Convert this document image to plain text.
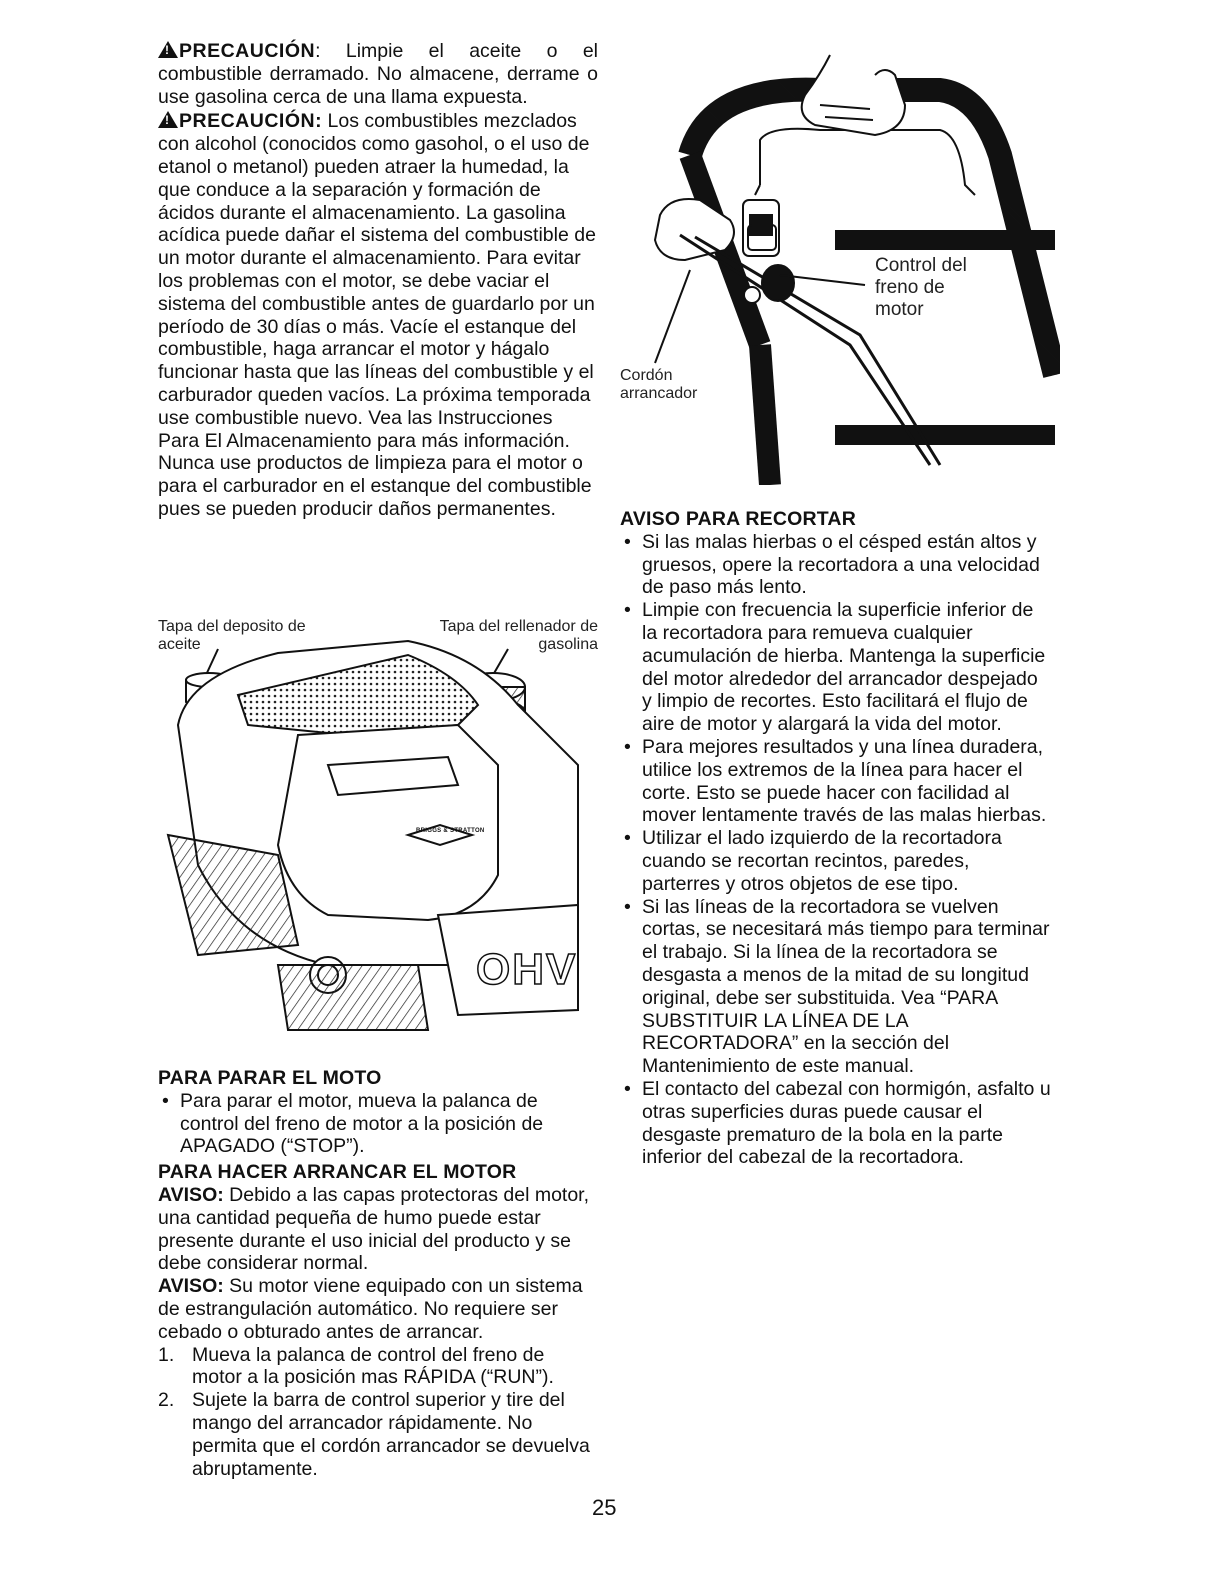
!PRECAUCIÓN: Limpie el aceite o el combustible derramado. No almacene, derrame o use gasolina cerca de una llama expuesta.

!PRECAUCIÓN: Los combustibles mezclados con alcohol (conocidos como gasohol, o el uso de etanol o metanol) pueden atraer la humedad, la que conduce a la separación y formación de ácidos durante el almacenamiento. La gasolina acídica puede dañar el sistema del combustible de un motor durante el almacenamiento. Para evitar los problemas con el motor, se debe vaciar el sistema del combustible antes de guardarlo por un período de 30 días o más. Vacíe el estanque del combustible, haga arrancar el motor y hágalo funcionar hasta que las líneas del combustible y el carburador queden vacíos. La próxima temporada use combustible nuevo. Vea las Instrucciones Para El Almacenamiento para más información. Nunca use productos de limpieza para el motor o para el carburador en el estanque del combustible pues se pueden producir daños permanentes.

Tapa del deposito de aceite
Tapa del rellenador de gasolina
BRIGGS & STRATTON
OHV
PARA PARAR EL MOTO
• Para parar el motor, mueva la palanca de control del freno de motor a la posición de APAGADO (“STOP”).
PARA HACER ARRANCAR EL MOTOR

AVISO: Debido a las capas protectoras del motor, una cantidad pequeña de humo puede estar presente durante el uso inicial del producto y se debe considerar normal.

AVISO: Su motor viene equipado con un sistema de estrangulación automático. No requiere ser cebado o obturado antes de arrancar.

1. Mueva la palanca de control del freno de motor a la posición mas RÁPIDA (“RUN”).
2. Sujete la barra de control superior y tire del mango del arrancador rápidamente. No permita que el cordón arrancador se devuelva abruptamente.
Control del freno de motor
Cordón arrancador
AVISO PARA RECORTAR
• Si las malas hierbas o el césped están altos y gruesos, opere la recortadora a una velocidad de paso más lento.
• Limpie con frecuencia la superficie inferior de la recortadora para remueva cualquier acumulación de hierba. Mantenga la superficie del motor alrededor del arrancador despejado y limpio de recortes. Esto facilitará el flujo de aire de motor y alargará la vida del motor.
• Para mejores resultados y una línea duradera, utilice los extremos de la línea para hacer el corte. Esto se puede hacer con facilidad al mover lentamente través de las malas hierbas.
• Utilizar el lado izquierdo de la recortadora cuando se recortan recintos, paredes, parterres y otros objetos de ese tipo.
• Si las líneas de la recortadora se vuelven cortas, se necesitará más tiempo para terminar el trabajo. Si la línea de la recortadora se desgasta a menos de la mitad de su longitud original, debe ser substituida. Vea “PARA SUBSTITUIR LA LÍNEA DE LA RECORTADORA” en la sección del Mantenimiento de este manual.
• El contacto del cabezal con hormigón, asfalto u otras superficies duras puede causar el desgaste prematuro de la bola en la parte inferior del cabezal de la recortadora.
25
